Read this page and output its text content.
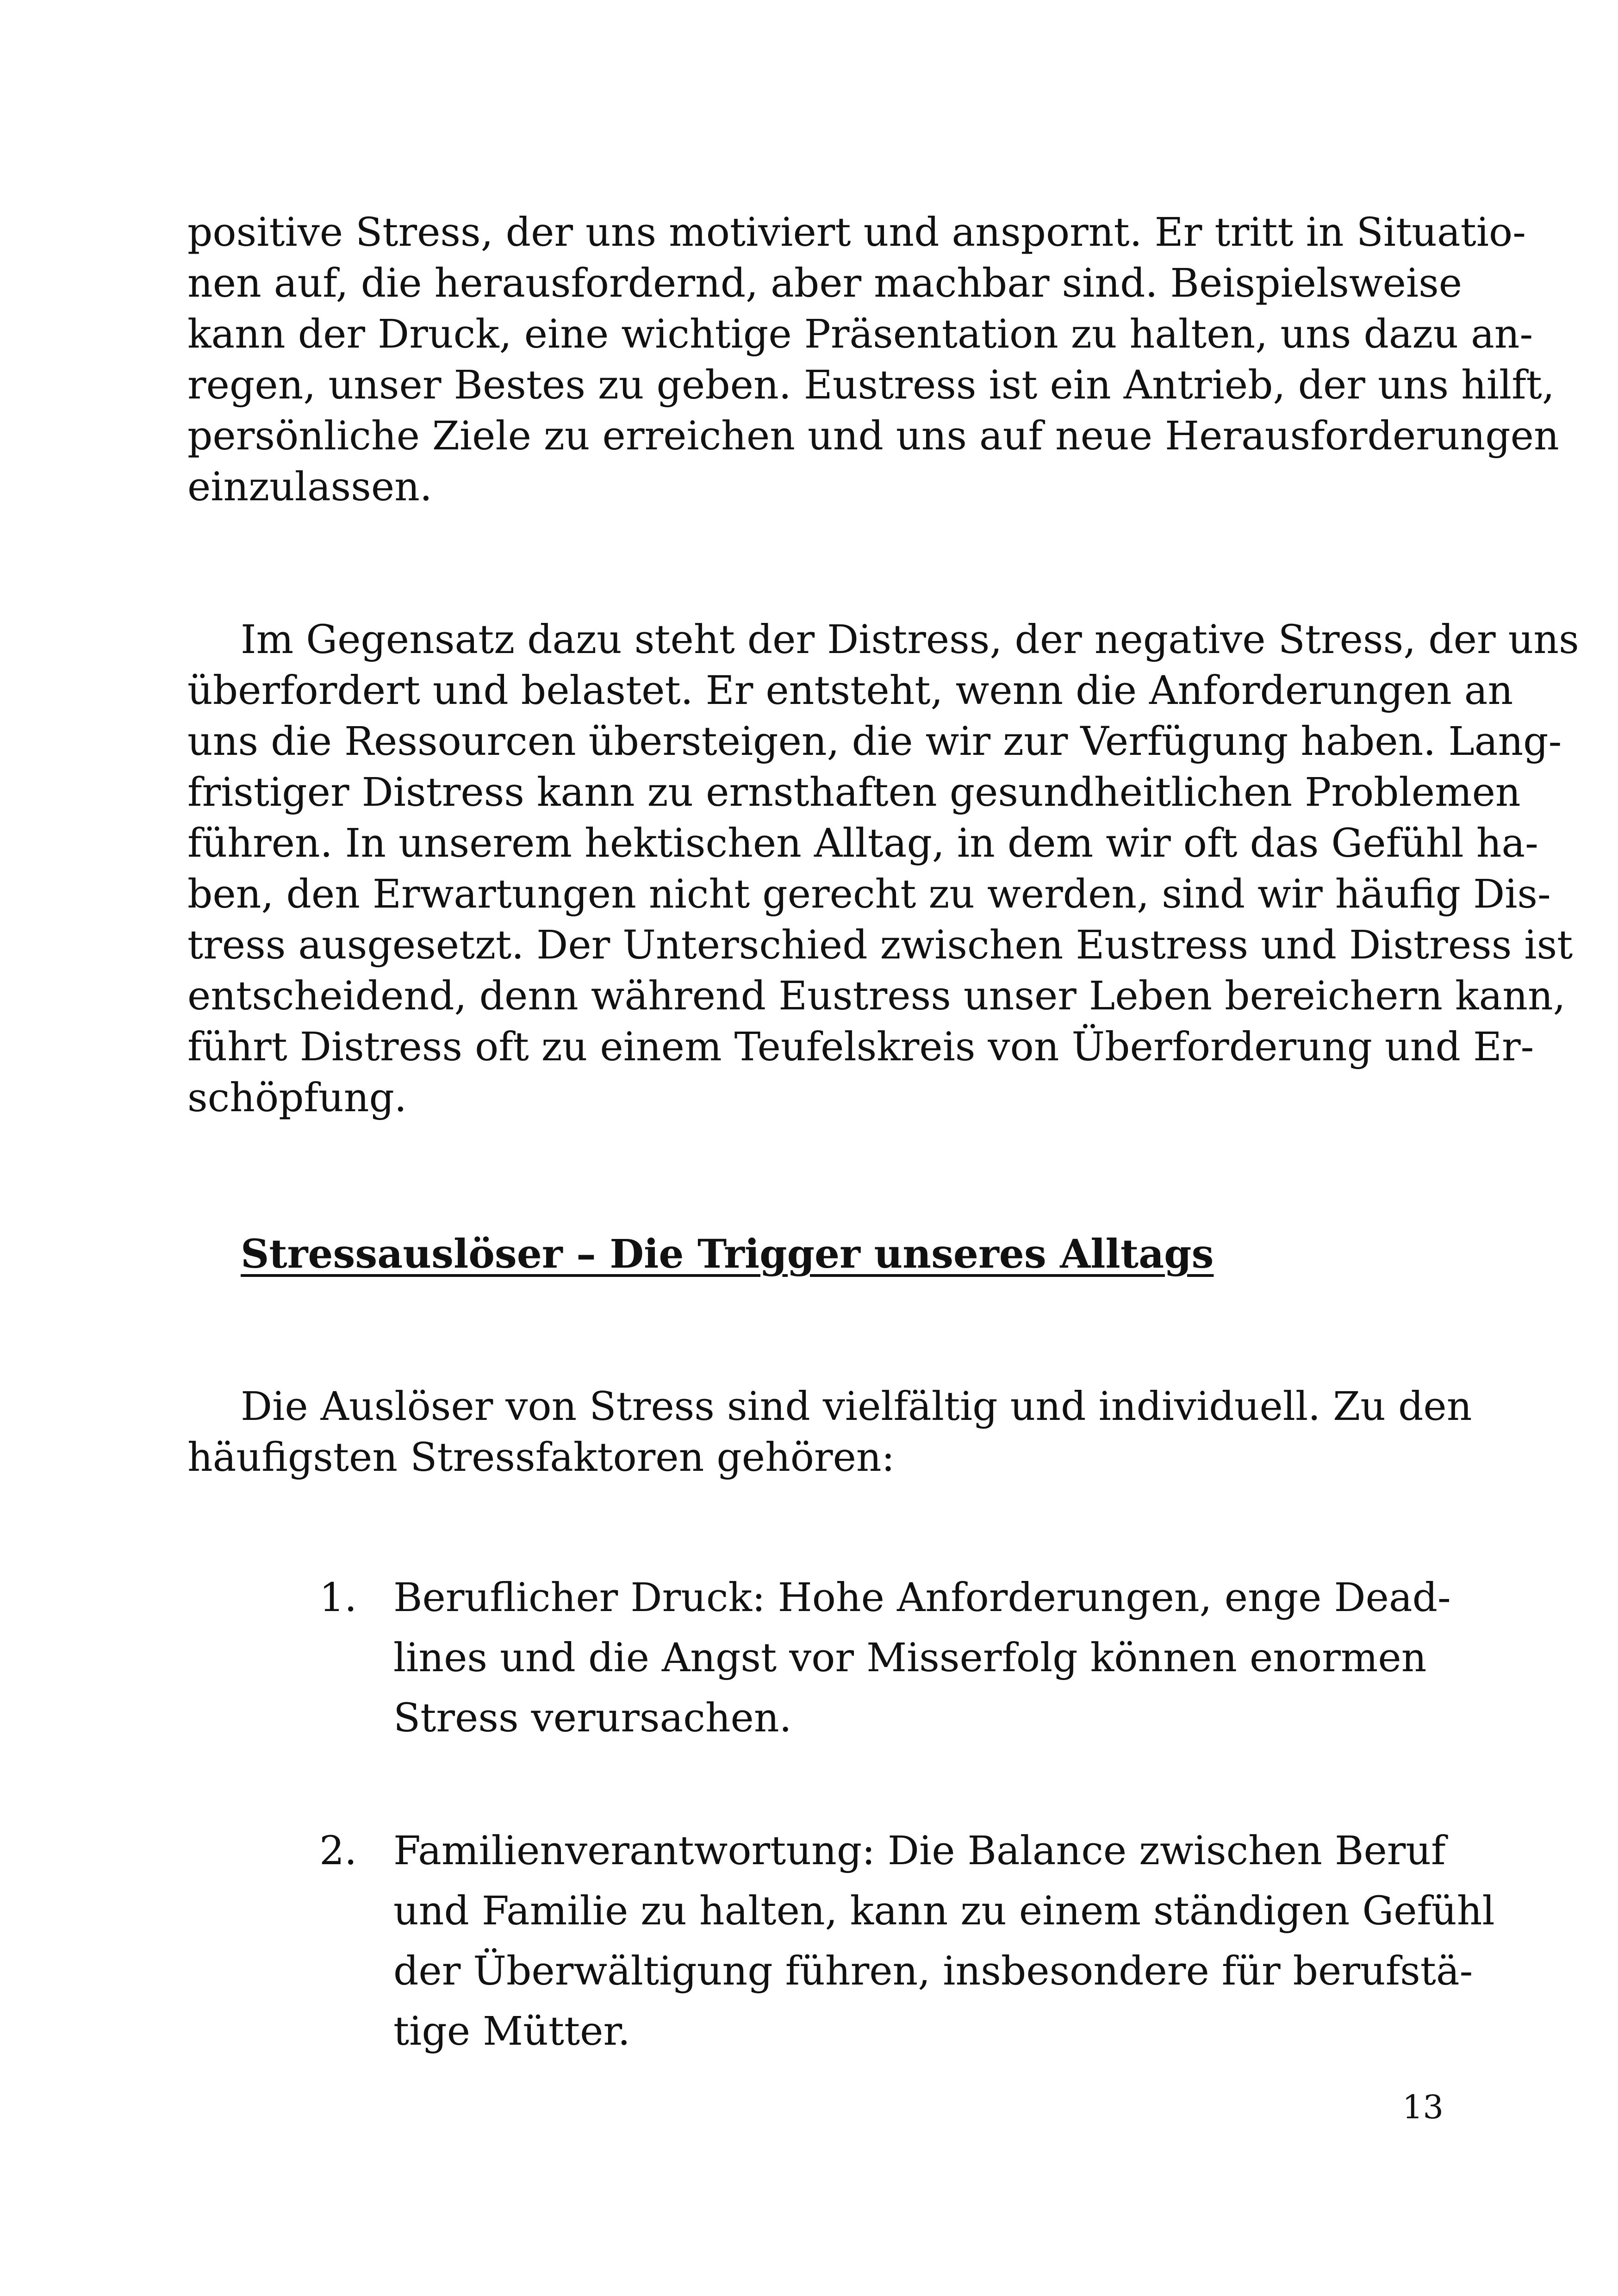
positive Stress, der uns motiviert und anspornt. Er tritt in Situatio-

nen auf, die herausfordernd, aber machbar sind. Beispielsweise

kann der Druck, eine wichtige Präsentation zu halten, uns dazu an-

regen, unser Bestes zu geben. Eustress ist ein Antrieb, der uns hilft,

persönliche Ziele zu erreichen und uns auf neue Herausforderungen

einzulassen.

Im Gegensatz dazu steht der Distress, der negative Stress, der uns

überfordert und belastet. Er entsteht, wenn die Anforderungen an

uns die Ressourcen übersteigen, die wir zur Verfügung haben. Lang-

fristiger Distress kann zu ernsthaften gesundheitlichen Problemen

führen. In unserem hektischen Alltag, in dem wir oft das Gefühl ha-

ben, den Erwartungen nicht gerecht zu werden, sind wir häufig Dis-

tress ausgesetzt. Der Unterschied zwischen Eustress und Distress ist

entscheidend, denn während Eustress unser Leben bereichern kann,

führt Distress oft zu einem Teufelskreis von Überforderung und Er-

schöpfung.

Stressauslöser – Die Trigger unseres Alltags

Die Auslöser von Stress sind vielfältig und individuell. Zu den

häufigsten Stressfaktoren gehören:

1. Beruflicher Druck: Hohe Anforderungen, enge Dead-

lines und die Angst vor Misserfolg können enormen

Stress verursachen.

2. Familienverantwortung: Die Balance zwischen Beruf

und Familie zu halten, kann zu einem ständigen Gefühl

der Überwältigung führen, insbesondere für berufstä-

tige Mütter.

13
